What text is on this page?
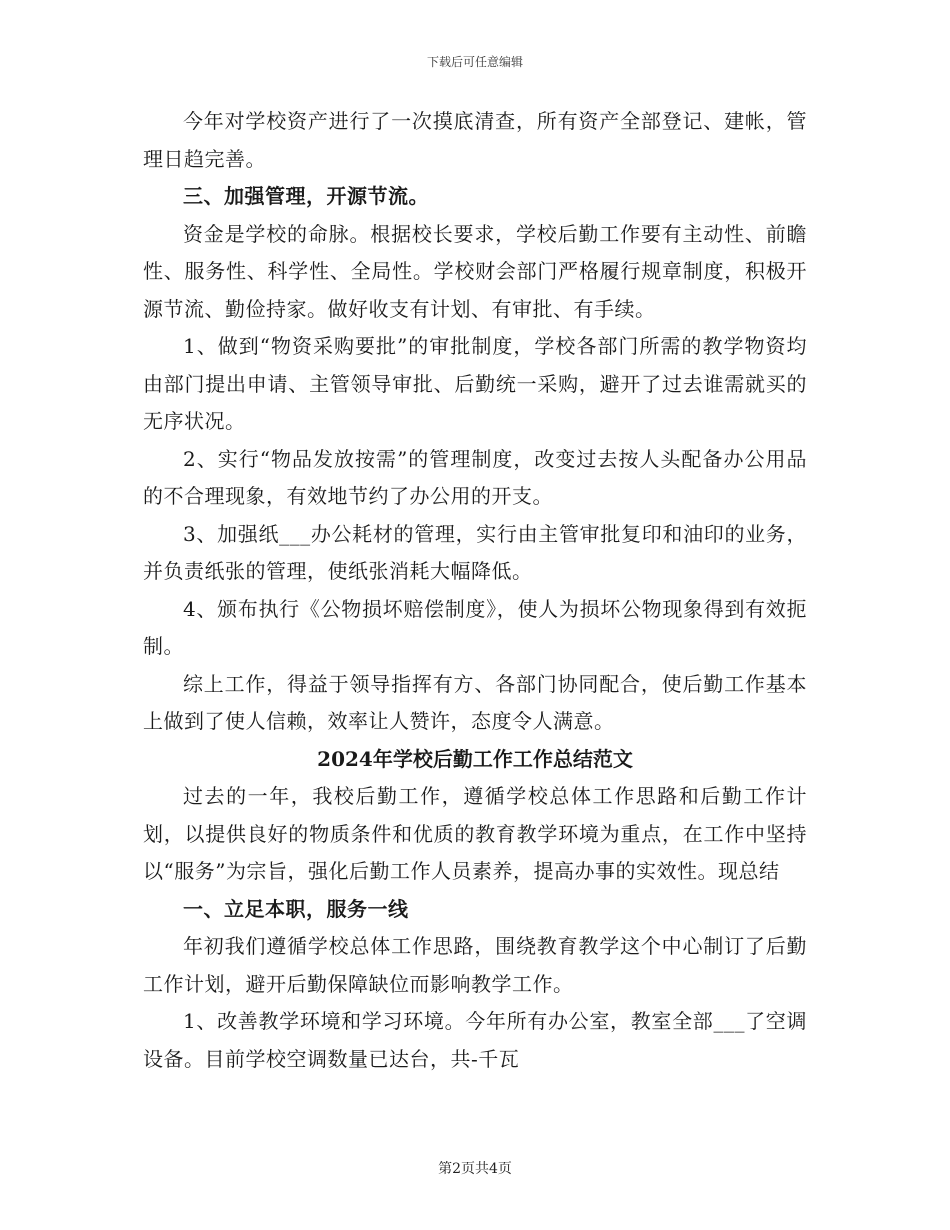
下载后可任意编辑

今年对学校资产进行了一次摸底清查，所有资产全部登记、建帐，管理日趋完善。

三、加强管理，开源节流。

资金是学校的命脉。根据校长要求，学校后勤工作要有主动性、前瞻性、服务性、科学性、全局性。学校财会部门严格履行规章制度，积极开源节流、勤俭持家。做好收支有计划、有审批、有手续。

1、做到“物资采购要批”的审批制度，学校各部门所需的教学物资均由部门提出申请、主管领导审批、后勤统一采购，避开了过去谁需就买的无序状况。

2、实行“物品发放按需”的管理制度，改变过去按人头配备办公用品的不合理现象，有效地节约了办公用的开支。

3、加强纸___办公耗材的管理，实行由主管审批复印和油印的业务，并负责纸张的管理，使纸张消耗大幅降低。

4、颁布执行《公物损坏赔偿制度》，使人为损坏公物现象得到有效扼制。

综上工作，得益于领导指挥有方、各部门协同配合，使后勤工作基本上做到了使人信赖，效率让人赞许，态度令人满意。

2024年学校后勤工作工作总结范文

过去的一年，我校后勤工作，遵循学校总体工作思路和后勤工作计划，以提供良好的物质条件和优质的教育教学环境为重点，在工作中坚持以“服务”为宗旨，强化后勤工作人员素养，提高办事的实效性。现总结

一、立足本职，服务一线

年初我们遵循学校总体工作思路，围绕教育教学这个中心制订了后勤工作计划，避开后勤保障缺位而影响教学工作。

1、改善教学环境和学习环境。今年所有办公室，教室全部___了空调设备。目前学校空调数量已达台，共-千瓦

第2页共4页
